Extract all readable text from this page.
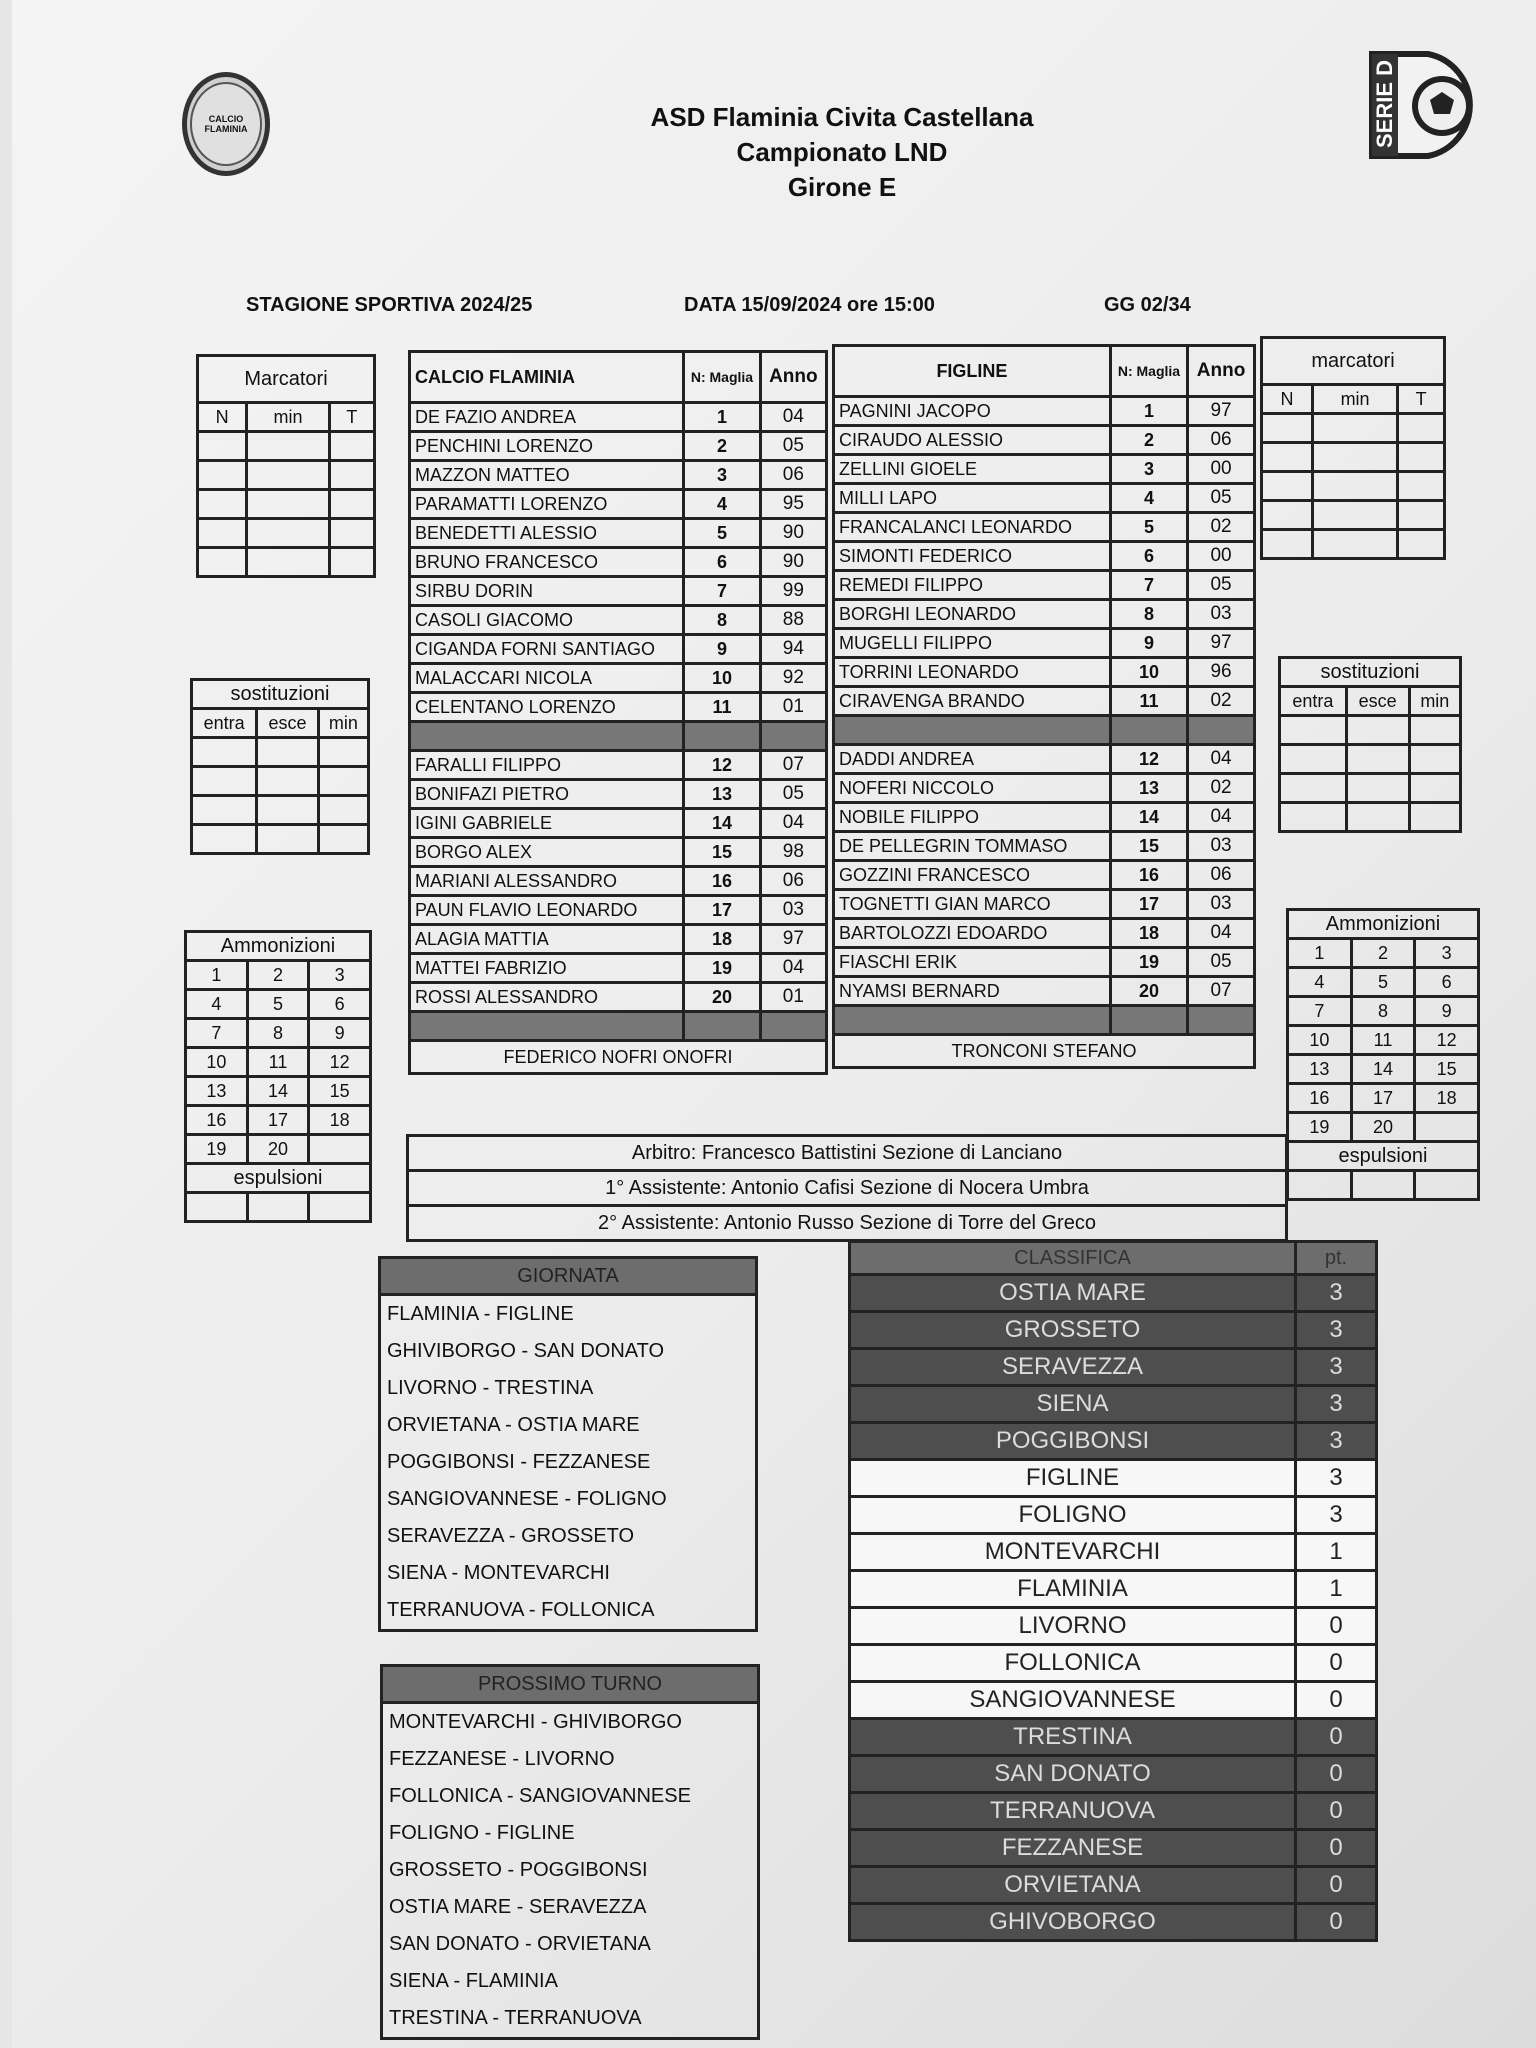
CALCIO FLAMINIA	SERIE D
ASD Flaminia Civita Castellana
Campionato LND
Girone E
STAGIONE SPORTIVA 2024/25	DATA 15/09/2024 ore 15:00	GG 02/34
Marcatori		
N	min	T

marcatori		
N	min	T

sostituzioni		
entra	esce	min

sostituzioni		
entra	esce	min

Ammonizioni		
1	2	3
4	5	6
7	8	9
10	11	12
13	14	15
16	17	18
19	20	
espulsioni		

Ammonizioni		
1	2	3
4	5	6
7	8	9
10	11	12
13	14	15
16	17	18
19	20	
espulsioni		

CALCIO FLAMINIA	N: Maglia	Anno
DE FAZIO ANDREA	1	04
PENCHINI LORENZO	2	05
MAZZON MATTEO	3	06
PARAMATTI LORENZO	4	95
BENEDETTI ALESSIO	5	90
BRUNO FRANCESCO	6	90
SIRBU DORIN	7	99
CASOLI GIACOMO	8	88
CIGANDA FORNI SANTIAGO	9	94
MALACCARI NICOLA	10	92
CELENTANO LORENZO	11	01

FARALLI FILIPPO	12	07
BONIFAZI PIETRO	13	05
IGINI GABRIELE	14	04
BORGO ALEX	15	98
MARIANI ALESSANDRO	16	06
PAUN FLAVIO LEONARDO	17	03
ALAGIA MATTIA	18	97
MATTEI FABRIZIO	19	04
ROSSI ALESSANDRO	20	01

FEDERICO NOFRI ONOFRI		
FIGLINE	N: Maglia	Anno
PAGNINI JACOPO	1	97
CIRAUDO ALESSIO	2	06
ZELLINI GIOELE	3	00
MILLI LAPO	4	05
FRANCALANCI LEONARDO	5	02
SIMONTI FEDERICO	6	00
REMEDI FILIPPO	7	05
BORGHI LEONARDO	8	03
MUGELLI FILIPPO	9	97
TORRINI LEONARDO	10	96
CIRAVENGA BRANDO	11	02

DADDI ANDREA	12	04
NOFERI NICCOLO	13	02
NOBILE FILIPPO	14	04
DE PELLEGRIN TOMMASO	15	03
GOZZINI FRANCESCO	16	06
TOGNETTI GIAN MARCO	17	03
BARTOLOZZI EDOARDO	18	04
FIASCHI ERIK	19	05
NYAMSI BERNARD	20	07

TRONCONI STEFANO		
Arbitro: Francesco Battistini Sezione di Lanciano
1° Assistente: Antonio Cafisi Sezione di Nocera Umbra
2° Assistente: Antonio Russo Sezione di Torre del Greco
GIORNATA
FLAMINIA - FIGLINE
GHIVIBORGO - SAN DONATO
LIVORNO - TRESTINA
ORVIETANA - OSTIA MARE
POGGIBONSI - FEZZANESE
SANGIOVANNESE - FOLIGNO
SERAVEZZA - GROSSETO
SIENA - MONTEVARCHI
TERRANUOVA - FOLLONICA
PROSSIMO TURNO
MONTEVARCHI - GHIVIBORGO
FEZZANESE - LIVORNO
FOLLONICA - SANGIOVANNESE
FOLIGNO - FIGLINE
GROSSETO - POGGIBONSI
OSTIA MARE - SERAVEZZA
SAN DONATO - ORVIETANA
SIENA - FLAMINIA
TRESTINA - TERRANUOVA
CLASSIFICA	pt.
OSTIA MARE	3
GROSSETO	3
SERAVEZZA	3
SIENA	3
POGGIBONSI	3
FIGLINE	3
FOLIGNO	3
MONTEVARCHI	1
FLAMINIA	1
LIVORNO	0
FOLLONICA	0
SANGIOVANNESE	0
TRESTINA	0
SAN DONATO	0
TERRANUOVA	0
FEZZANESE	0
ORVIETANA	0
GHIVOBORGO	0
